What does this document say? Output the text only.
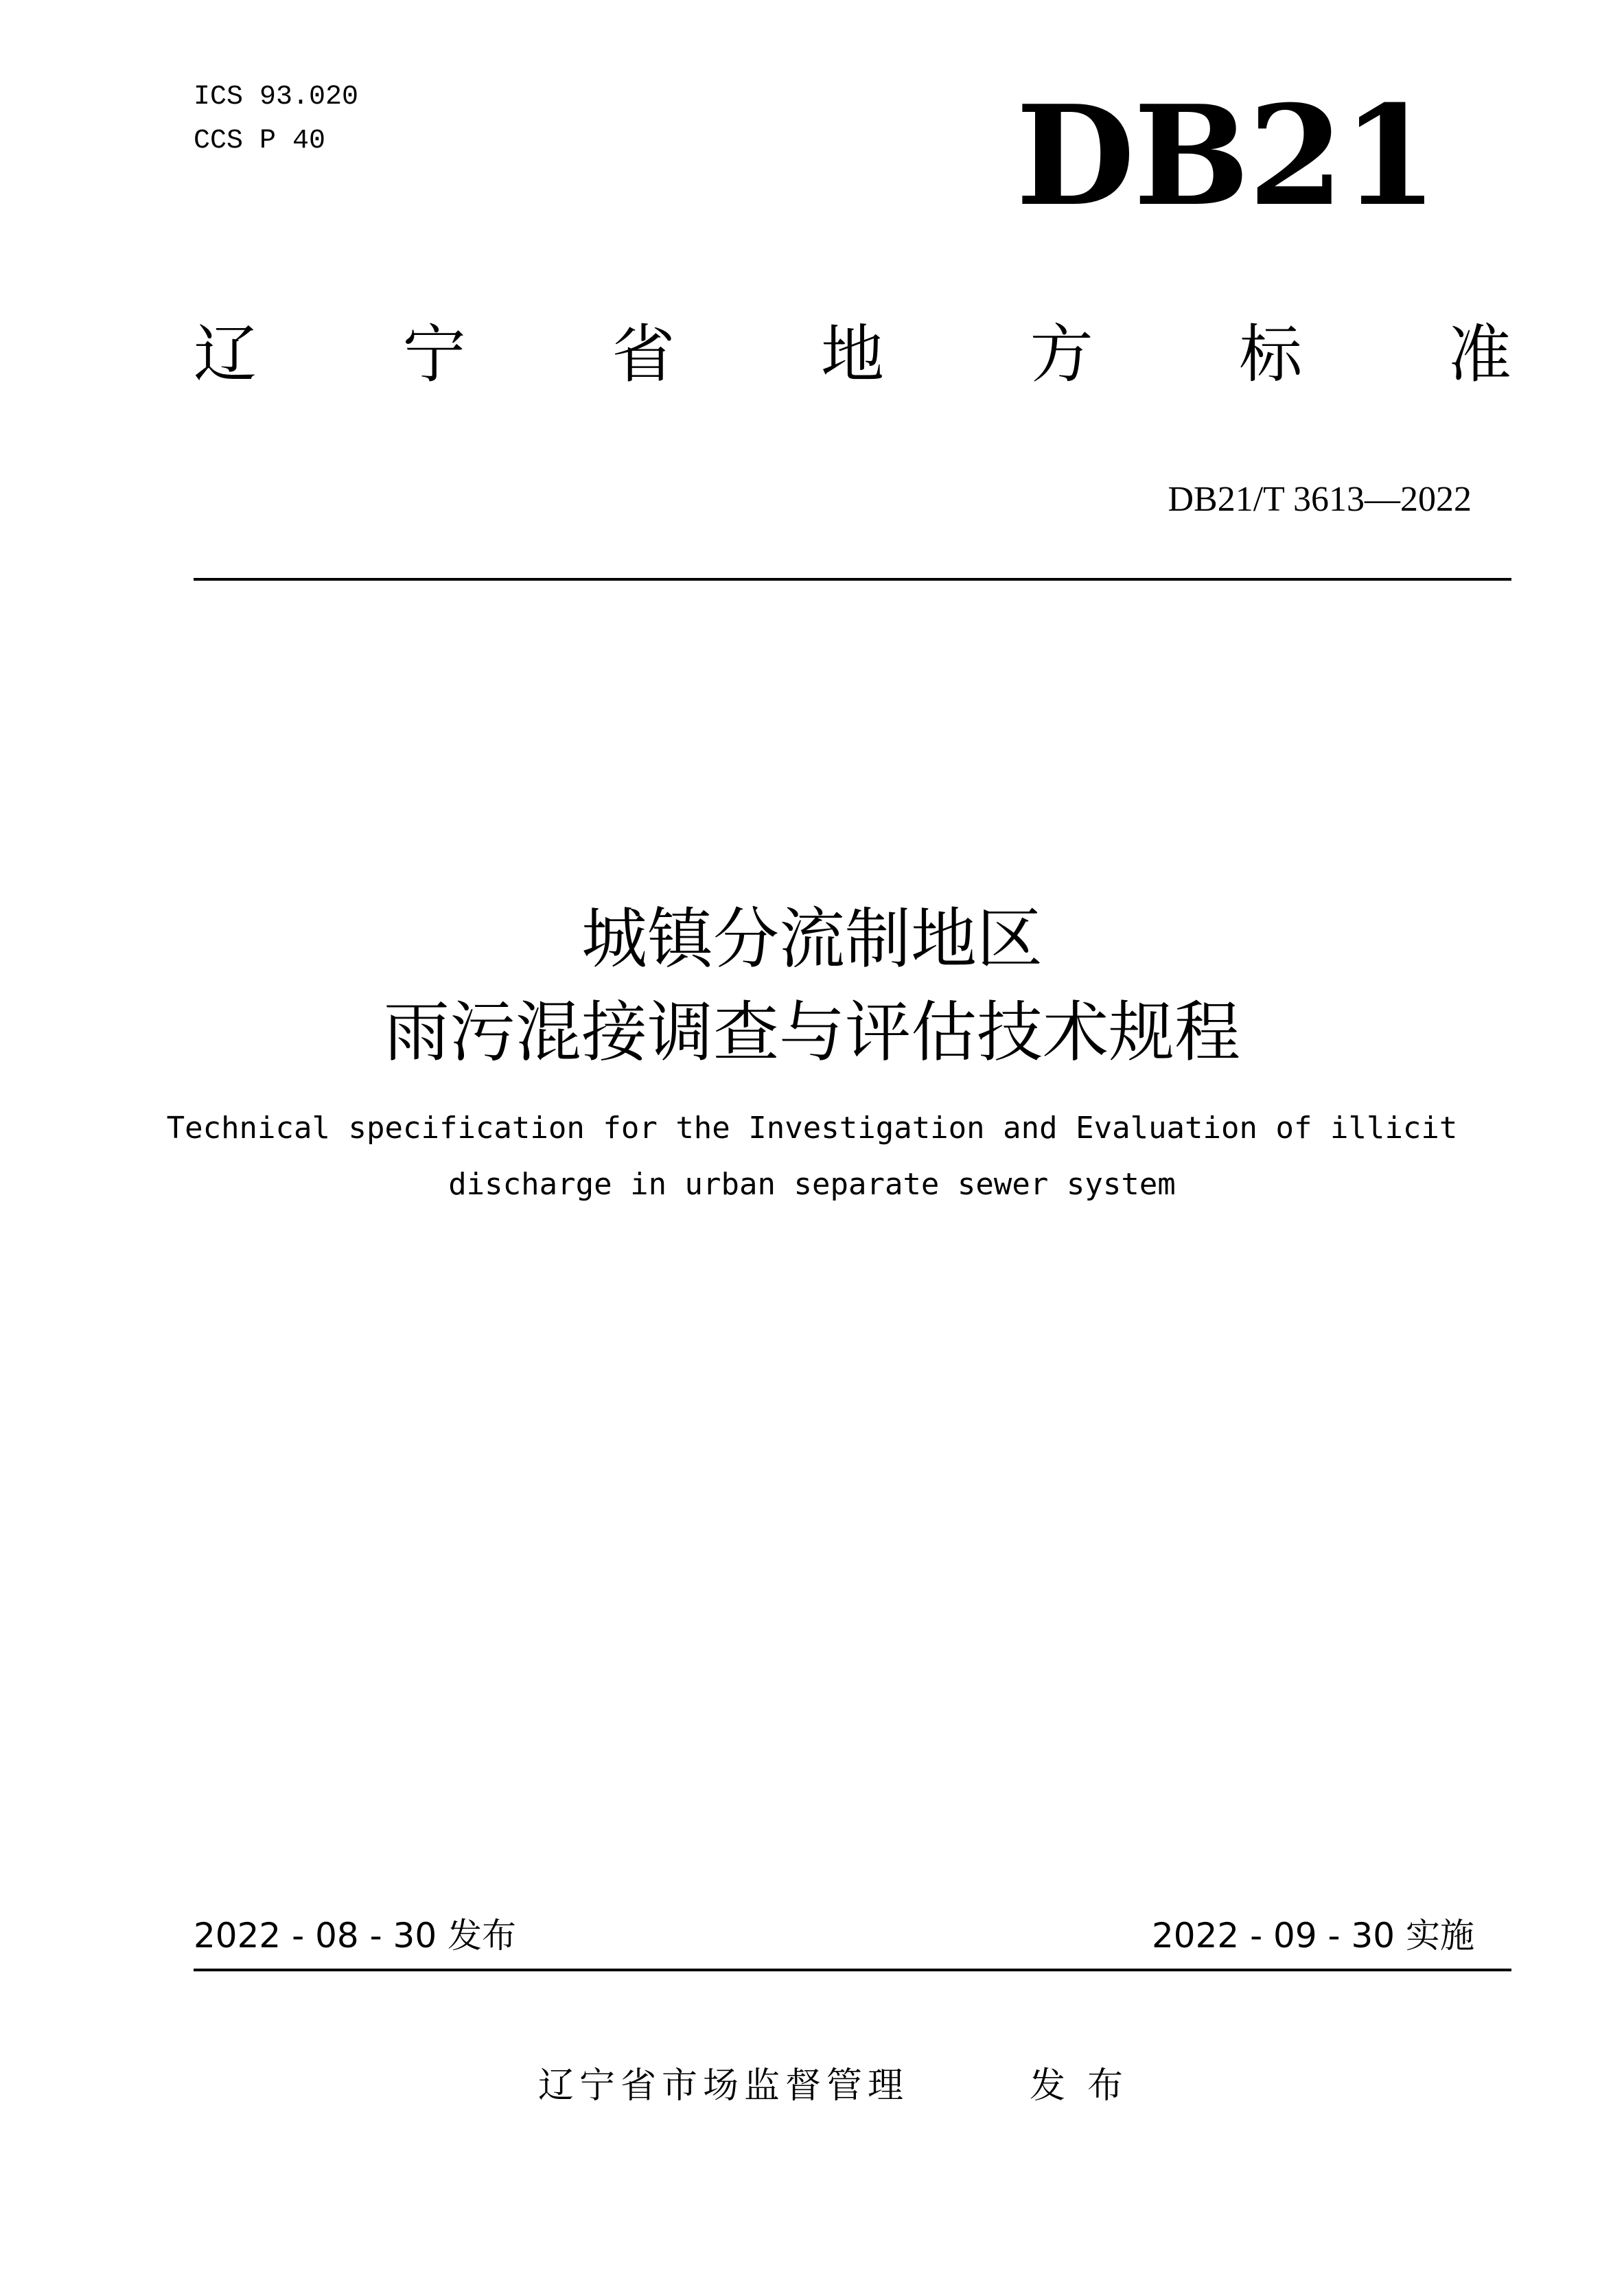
ICS 93.020
CCS P 40	DB21
辽 宁 省 地 方 标 准
DB21/T 3613—2022
城镇分流制地区
雨污混接调查与评估技术规程
Technical specification for the Investigation and Evaluation of illicit
discharge in urban separate sewer system
2022 - 08 - 30 发布	2022 - 09 - 30 实施
辽宁省市场监督管理	发布
